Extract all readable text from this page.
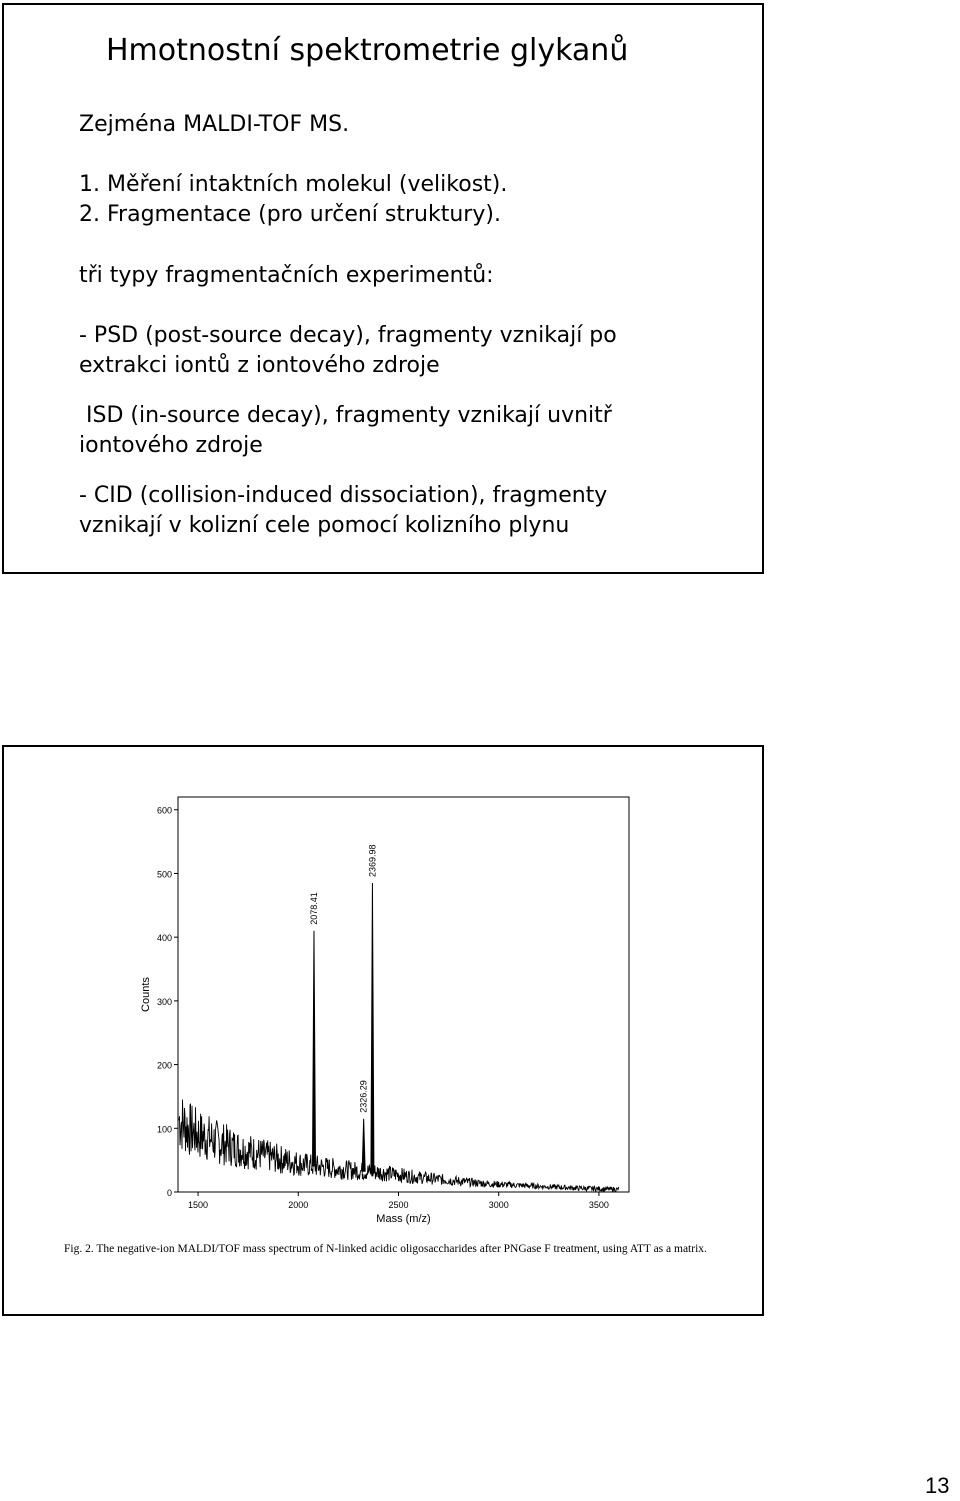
Hmotnostní spektrometrie glykanů
Zejména MALDI-TOF MS.
1. Měření intaktních molekul (velikost).
2. Fragmentace (pro určení struktury).
tři typy fragmentačních experimentů:
- PSD (post-source decay), fragmenty vznikají po
extrakci iontů z iontového zdroje
ISD (in-source decay), fragmenty vznikají uvnitř
iontového zdroje
- CID (collision-induced dissociation), fragmenty
vznikají v kolizní cele pomocí kolizního plynu
0
100
200
300
400
500
600
1500	2000	2500	3000	3500
Mass (m/z)
Counts
2078.41
2326.29
2369.98
Fig. 2. The negative-ion MALDI/TOF mass spectrum of N-linked acidic oligosaccharides after PNGase F treatment, using ATT as a matrix.
13
